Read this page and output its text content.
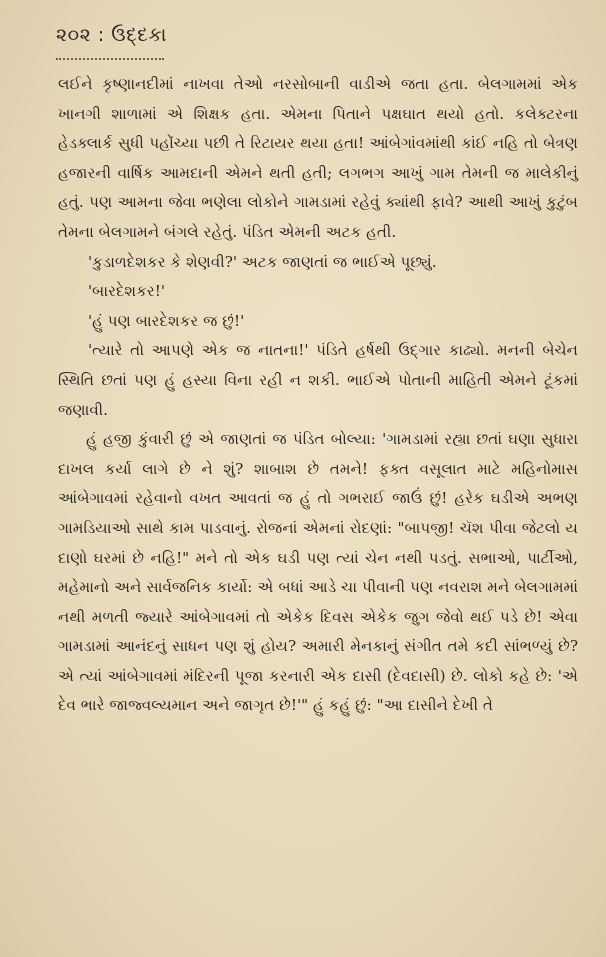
૨૦૨ : ઉદ્દકા

લઈને કૃષ્ણાનદીમાં નાખવા તેઓ નરસોબાની વાડીએ જતા હતા. બેલગામમાં એક ખાનગી શાળામાં એ શિક્ષક હતા. એમના પિતાને પક્ષઘાત થયો હતો. કલેક્ટરના હેડક્લાર્ક સુધી પહોંચ્યા પછી તે રિટાયર થયા હતા! આંબેગાંવમાંથી કાંઈ નહિ તો બેત્રણ હજારની વાર્ષિક આમદાની એમને થતી હતી; લગભગ આખું ગામ તેમની જ માલેકીનું હતું. પણ આમના જેવા ભણેલા લોકોને ગામડામાં રહેવું ક્યાંથી ફાવે? આથી આખું કુટુંબ તેમના બેલગામને બંગલે રહેતું. પંડિત એમની અટક હતી.

'કુડાળદેશકર કે શેણવી?' અટક જાણતાં જ ભાઈએ પૂછ્યું.

'બારદેશકર!'

'હું પણ બારદેશકર જ છું!'

'ત્યારે તો આપણે એક જ નાતના!' પંડિતે હર્ષથી ઉદ્ગાર કાઢ્યો. મનની બેચેન સ્થિતિ છતાં પણ હું હસ્યા વિના રહી ન શકી. ભાઈએ પોતાની માહિતી એમને ટૂંકમાં જણાવી.

હું હજી કુંવારી છું એ જાણતાં જ પંડિત બોલ્યા: 'ગામડામાં રહ્યા છતાં ઘણા સુધારા દાખલ કર્યા લાગે છે ને શું? શાબાશ છે તમને! ફક્ત વસૂલાત માટે મહિનોમાસ આંબેગાવમાં રહેવાનો વખત આવતાં જ હું તો ગભરાઈ જાઉં છું! હરેક ઘડીએ અભણ ગામડિયાઓ સાથે કામ પાડવાનું. રોજનાં એમનાં રોદણાં: "બાપજી! ચૅશ પીવા જેટલો ય દાણો ઘરમાં છે નહિ!" મને તો એક ઘડી પણ ત્યાં ચેન નથી પડતું. સભાઓ, પાર્ટીઓ, મહેમાનો અને સાર્વજનિક કાર્યો: એ બધાં આડે ચા પીવાની પણ નવરાશ મને બેલગામમાં નથી મળતી જ્યારે આંબેગાવમાં તો એકેક દિવસ એકેક જુગ જેવો થઈ પડે છે! એવા ગામડામાં આનંદનું સાધન પણ શું હોય? અમારી મેનકાનું સંગીત તમે કદી સાંભળ્યું છે? એ ત્યાં આંબેગાવમાં મંદિરની પૂજા કરનારી એક દાસી (દેવદાસી) છે. લોકો કહે છે: 'એ દેવ ભારે જાજ્વલ્યમાન અને જાગૃત છે!'" હું કહું છું: "આ દાસીને દેખી તે
